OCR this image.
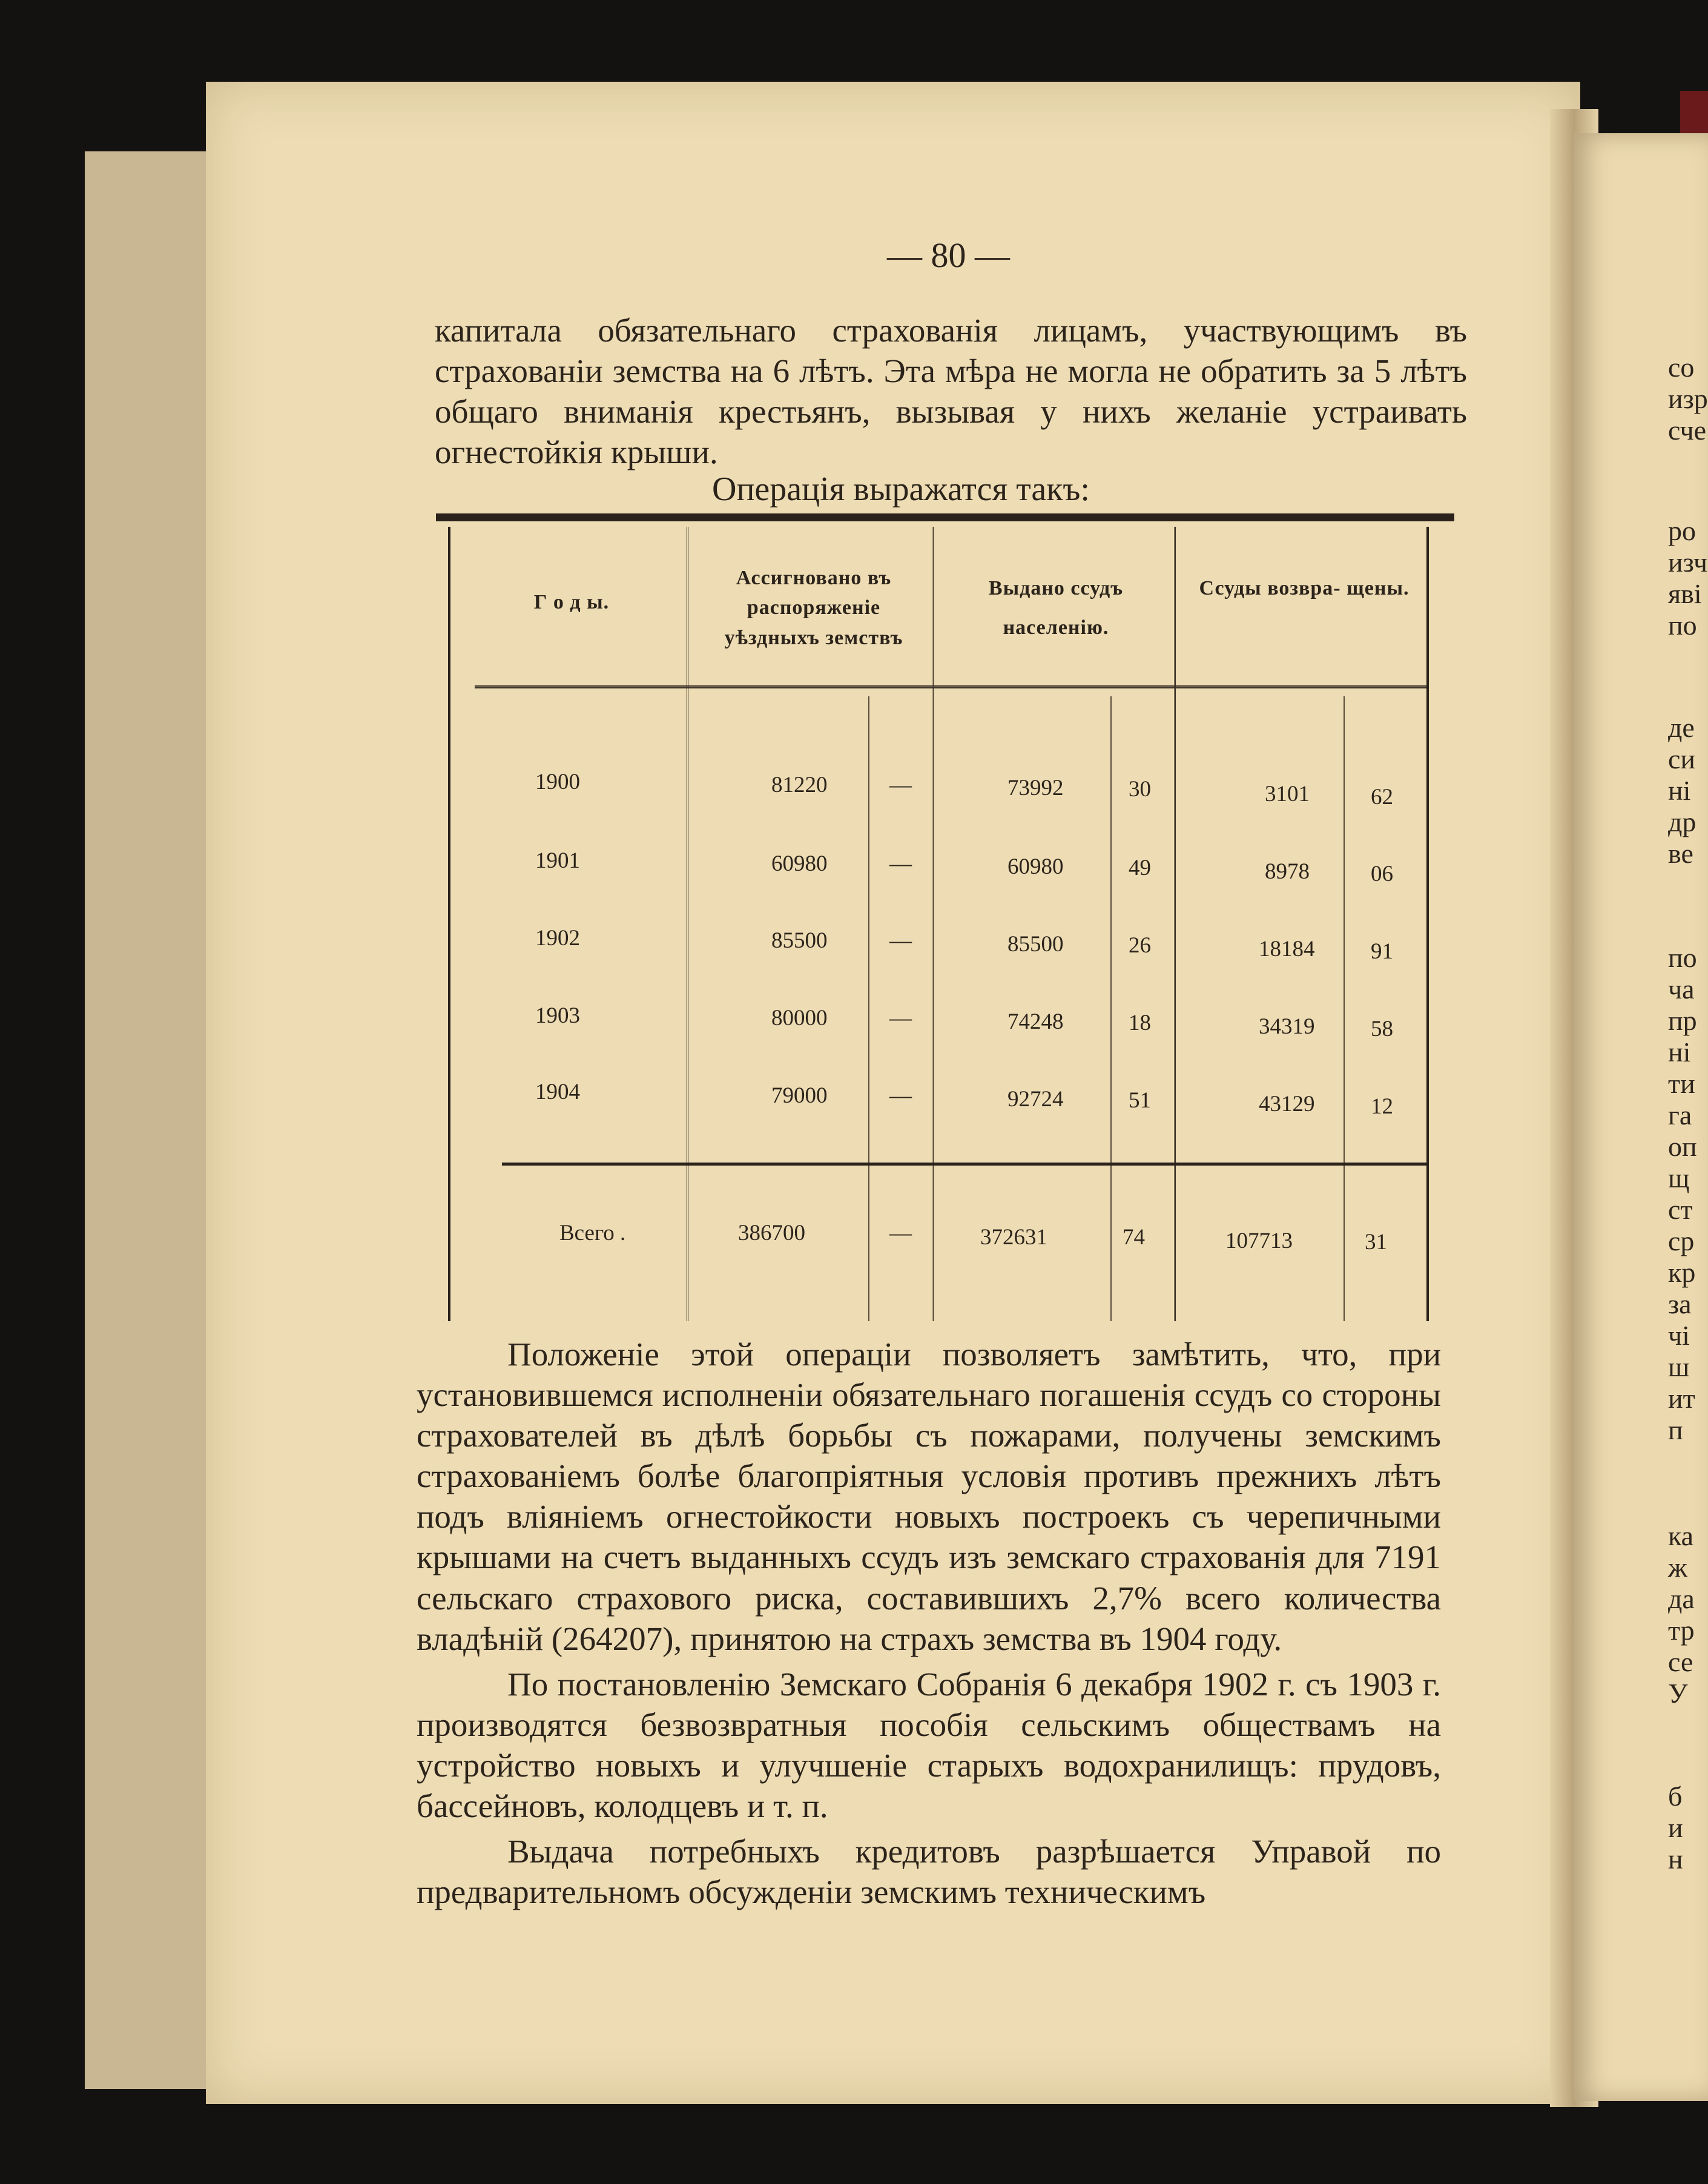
— 80 —
капитала обязательнаго страхованія лицамъ, участвующимъ въ страхованіи земства на 6 лѣтъ. Эта мѣра не могла не обратить за 5 лѣтъ общаго вниманія крестьянъ, вызывая у нихъ желаніе устраивать огнестойкія крыши.
Операція выражатся такъ:
Г о д ы.
Ассигновано въ распоряженіе уѣздныхъ земствъ
Выдано ссудъ населенію.
Ссуды возвра- щены.
1900	81220	—	73992	30	3101	62
1901	60980	—	60980	49	8978	06
1902	85500	—	85500	26	18184	91
1903	80000	—	74248	18	34319	58
1904	79000	—	92724	51	43129	12
Всего .	386700	—	372631	74	107713	31

Положеніе этой операціи позволяетъ замѣтить, что, при установившемся исполненіи обязательнаго погашенія ссудъ со стороны страхователей въ дѣлѣ борьбы съ пожарами, получены земскимъ страхованіемъ болѣе благопріятныя условія противъ прежнихъ лѣтъ подъ вліяніемъ огнестойкости новыхъ построекъ съ черепичными крышами на счетъ выданныхъ ссудъ изъ земскаго страхованія для 7191 сельскаго страхового риска, составившихъ 2,7% всего количества владѣній (264207), принятою на страхъ земства въ 1904 году.

По постановленію Земскаго Собранія 6 декабря 1902 г. съ 1903 г. производятся безвозвратныя пособія сельскимъ обществамъ на устройство новыхъ и улучшеніе старыхъ водохранилищъ: прудовъ, бассейновъ, колодцевъ и т. п.

Выдача потребныхъ кредитовъ разрѣшается Управой по предварительномъ обсужденіи земскимъ техническимъ

со
изр
сче
ро
изч
яві
по
де
си
ні
др
ве
по
ча
пр
ні
ти
га
оп
щ
ст
ср
кр
за
чі
ш
ит
п
ка
ж
да
тр
се
У
б
и
н
